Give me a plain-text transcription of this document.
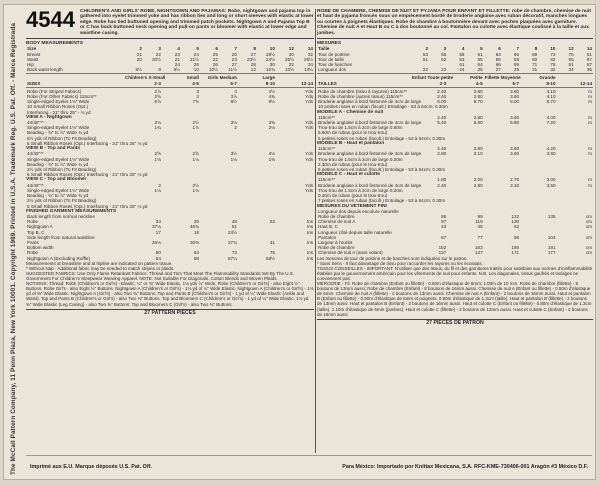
The McCall Pattern Company, 11 Penn Plaza, New York 10001. Copyright 1989. Printed in U.S.A. Trademark Reg. U.S. Pat. Off. - Marca Registrada
4544 CHILDREN'S AND GIRLS' ROBE, NIGHTGOWN AND PAJAMAS: Robe, nightgown and pajama top in gathered into eyelet trimmed yoke and has ribbon ties and long or short sleeves with elastic at lower edge. Robe has tied buttoned opening and trimmed patch pockets. Nightgown A and Pajama Top B or C has back buttoned neck opening and pull-on pants or bloomer with elastic at lower edge and waistline casing.
BODY MEASUREMENTS
Size	2	3	4	5	6	7	8	10	12	14
Breast	21	22	23	24	25	26	27	28½	30	32
Waist	20	20½	21	21½	22	23	23½	24½	25½	26½
Hip			24	25	26	27	28	30	32	34
Back waist length	8½	9	9½	10	10½	11½	12	12¾	13½	14¼
	Children's X-Small	Small	Girls Medium	Large	
SIZES	2-3	4-5	6-7	8-10	12-14
Robe (For Striped Fabrics)	2⅞	3	4	4½	Yds
Robe (For Other Fabrics) 115cm**	2⅝	3	3⅞	4⅜	Yds
Single-edged Eyelet 1⅛" Wide	6⅞	7⅝	8½	9½	Yds
10 Small Ribbon Roses (Opt.)					
Interfacing - 21" thru 25" - ⅛ yd					
VIEW A - Nightgown
44/45"**	2⅛	2½	3⅛	3⅜	Yds
Single-edged Eyelet 1⅛" Wide	1¾	1⅞	2	2⅛	Yds
Beading - ¾" to ⅞" Wide ¾ yd					
6½ yds of Ribbon (To Fit Beading)					
5 Small Ribbon Roses (Opt.) Interfacing - 21" thru 25" ⅛ yd					
VIEW B - Top and Pants
44/45"**	2⅝	2⅝	3½	4⅛	Yds
Single-edged Eyelet 1⅛" Wide	1⅛	1⅛	1⅛	1⅜	Yds
Beading - ¾" to ⅞" Wide ¾ yd					
2½ yds of Ribbon (To Fit Beading)					
5 Small Ribbon Roses (Opt.) Interfacing - 21" thru 25" ⅛ yd					
VIEW C - Top and Bloomer
44/45"**	2	2½			Yds
Single-edged Eyelet 1⅛" Wide	1⅛	1⅛			Yds
Beading - ¾" to ⅞" Wide ¾ yd					
2½ yds of Ribbon (To Fit Beading)					
5 Small Ribbon Roses (Opt.) Interfacing - 21" thru 25" ⅛ yd					
FINISHED GARMENT MEASUREMENTS
Back length from normal neckline					
Robe	34	39	48	53	Ins
Nightgown A	37⅛	46¾	51		Ins
Top B, C	17	19	24½		Ins
Side length from natural waistline					
Pants	26⅛	30⅜	37¾	41	Ins
Bottom width					
Robe	60	64	73	75	Ins
Nightgown A (Excluding Ruffle)	54	58	67¼	69½	Ins
Measurements at breastline and at hipline are indicated on pattern tissue.
* Without Nap - Additional fabric may be needed to match stripes or plaids.
SUGGESTED FABRICS: Use Only Flame Retardant Fabrics. Thread and Trim That Meet The Flammability Standards Set By The U.S. Government For Children's Sleepwear Wearing Apparel. NOTE: Not Suitable For Diagonals. Cotton Blends and Woven Plaids.
NOTIONS: Thread; Robe (Children's or Girl's) - Elastic; ¼" or ⅜" Wide Elastic. 1⅛ yds ⅞" Wide, Robe (Children's or Girl's) - also Eight ½" Buttons. Robe Girl's - also Eight ½" Buttons. Nightgown A (Children's or Girl's) - 1⅛ yd of ¼" Wide Elastic. Nightgown A (Children's or Girl's) - 1⅛ yd of ⅜" Wide Elastic. Nightgown A (Girl's) - also Two ⅜" Buttons. Top and Pants B (Children's or Girl's) - 1 yd of ¼" Wide Elastic (Ankle and Waist). Top and Pants B (Children's or Girl's) - also Two ⅜" Buttons. Top and Bloomers C (Children's or Girl's) - 1 yd of ¼" Wide Elastic. 1⅛ yd ⅜" Wide Elastic (Leg Casing) - also Two ⅜" Buttons. Top and Bloomers C (Girl's) - also Two ⅜" Buttons.
27 PATTERN PIECES
ROBE DE CHAMBRE, CHEMISE DE NUIT ET PYJAMA POUR ENFANT ET FILLETTE: robe de chambre, chemise de nuit et haut de pyjama froncés sous un empiècement bordé de broderie anglaise avec ruban décoratif, manches longues ou courtes à poignets élastiques. Robe de chambre à boutonnière devant avec poches plaquées avec garniture. Chemise de nuit A et Haut B ou C à dos boutonné au col. Pantalon ou culotte avec élastique coulissé à la taille et aux jambes.
MESURES
Taille	2	3	4	5	6	7	8	10	12	14
Tour de poitrine	53	56	58	61	64	66	69	73	76	81
Tour de taille	51	52	53	55	56	58	60	62	65	67
Tour de hanches			61	64	66	69	71	76	81	87
Longueur dos	22	23	24	25	27	29	31	32	34	36
	Enfant Toute petite	Petite	Fillette Moyenne	Grande	
TAILLES	2-3	4-5	6-7	8-10	12-14
Robe de chambre (tissu à rayures) 115cm**	2.40	2.80	3.60	4.10	m
Robe de chambre (autres tissus) 115cm**	2.40	2.80	3.60	4.10	m
Broderie anglaise à bord festonné de 4cm de large	6.00	6.70	8.00	8.70	m
10 petites roses en ruban (facult.) Entoilage - 53 à 64cm; 0.30m					
MODELE A - Chemise de nuit
115cm**	2.40	2.80	3.60	4.00	m
Broderie anglaise à bord festonné de 4cm de large	5.40	5.80	6.80	7.20	m
Trou-trou de 1.5cm à 2cm de large 0.60m					
5.60m de ruban (pour le trou-trou)					
5 petites roses en ruban (facult.) Entoilage - 53 à 64cm; 0.30m					
MODELE B - Haut et pantalon
115cm**	2.40	2.80	3.80	4.20	m
Broderie anglaise à bord festonné de 4cm de large	2.80	3.10	3.60	3.90	m
Trou-trou de 1.5cm à 2cm de large 0.20m					
2.30m de ruban (pour le trou-trou)					
5 petites roses en ruban (facult.) Entoilage - 53 à 64cm; 0.30m					
MODELE C - Haut et culotte
115cm**	1.80	2.00	2.70	3.00	m
Broderie anglaise à bord festonné de 4cm de large	2.40	2.80	3.10	3.50	m
Trou-trou de 1.5cm à 2cm de large 0.20m					
0.30m de ruban (pour le trou-trou)					
7 petites roses en ruban (facult.) Entoilage - 53 à 64cm; 0.30m					
MESURES DU VETEMENT FINI
Longueur dos depuis encolure naturelle					
Robe de chambre	86	99	122	135	cm
Chemise de nuit A	97	119	130		cm
Haut B, C	43	48	62		cm
Longueur côté depuis taille naturelle					
Pantalon	67	77	95	104	cm
Largeur à l'ourlet					
Robe de chambre	152	163	185	191	cm
Chemise de nuit A (sans volant)	137	147	171	177	cm
Les mesures de tour de poitrine et de hanches sont indiquées sur le patron.
* Sans Sens - Il faut davantage de tissu pour raccorder les rayures ou les écossais.
TISSUS CONSEILLES - IMPORTANT: N'utiliser que des tissus, du fil et des garnitures traités pour satisfaire aux normes d'ininflammabilité établies par le gouvernement américain pour les vêtements de nuit pour enfants. N.B. Les diagonales, tissus gaufrés et tissages ne conviennent pas.
MERCERIE - Fil. Robe de chambre (Enfant ou fillette) - 0.50m d'élastique de 6mm; 1.00m de 10 mm. Robe de chambre (fillette) - 8 boutons de 13mm aussi; Robe de chambre (Enfant) - 8 boutons de 16mm aussi. Chemise de nuit A (Enfant ou fillette) - 0.50m d'élastique de 6mm. Chemise de nuit A (fillette) - 2 boutons de 13mm aussi. Chemise de nuit A (Enfant) - 2 boutons de 16mm aussi. Haut et pantalon B (Enfant ou fillette) - 0.90m d'élastique de 6mm et poignets. 0.80m d'élastique de 1.3cm (taille). Haut et pantalon B (fillette) - 2 boutons de 13mm aussi. Haut et pantalon B (Enfant) - 2 boutons de 16mm aussi. Haut et culotte C (Enfant ou fillette) - 0.80m d'élastique de 1.3cm (taille). 1.10m d'élastique de 6mm (jambes). Haut et culotte C (fillette) - 2 boutons de 13mm aussi. Haut et culotte C (Enfant) - 2 boutons de 16mm aussi.
27 PIECES DE PATRON
Imprimé aux E.U. Marque déposée U.S. Pat. Off.	Para México: Importado por Knittax Mexicana, S.A. RFC-KME-730406-001 Aragón #3 México D.F.
